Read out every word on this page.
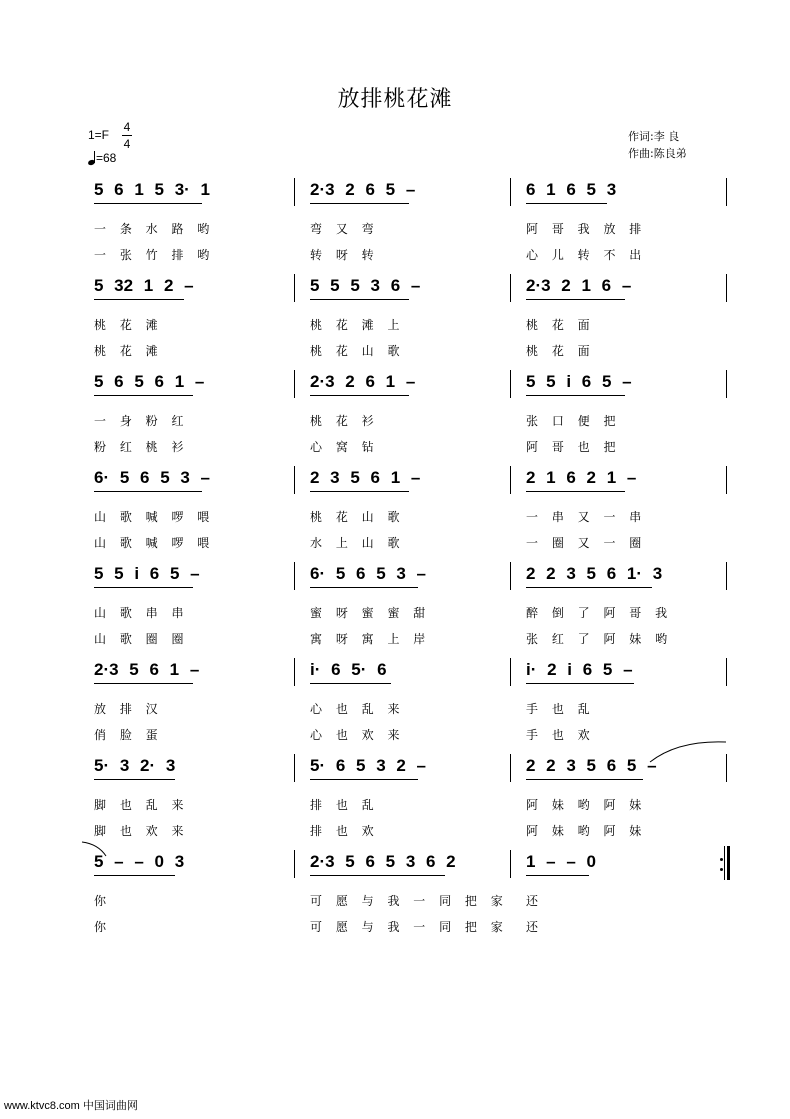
放排桃花滩
1=F
4
4
=68
作词:李 良
作曲:陈良弟
5 6 1 5 3· 1
一 条 水 路 哟
一 张 竹 排 哟
2·3 2 6 5 –
弯 又 弯
转 呀 转
6 1 6 5 3
阿 哥 我 放 排
心 儿 转 不 出
5 32 1 2 –
桃 花 滩
桃 花 滩
5 5 5 3 6 –
桃 花 滩 上
桃 花 山 歌
2·3 2 1 6 –
桃 花 面
桃 花 面
5 6 5 6 1 –
一 身 粉 红
粉 红 桃 衫
2·3 2 6 1 –
桃 花 衫
心 窝 钻
5 5 i 6 5 –
张 口 便 把
阿 哥 也 把
6· 5 6 5 3 –
山 歌 喊 啰 喂
山 歌 喊 啰 喂
2 3 5 6 1 –
桃 花 山 歌
水 上 山 歌
2 1 6 2 1 –
一 串 又 一 串
一 圈 又 一 圈
5 5 i 6 5 –
山 歌 串 串
山 歌 圈 圈
6· 5 6 5 3 –
蜜 呀 蜜 蜜 甜
寓 呀 寓 上 岸
2 2 3 5 6 1· 3
醉 倒 了 阿 哥 我
张 红 了 阿 妹 哟
2·3 5 6 1 –
放 排 汉
俏 脸 蛋
i· 6 5· 6
心 也 乱 来
心 也 欢 来
i· 2 i 6 5 –
手 也 乱
手 也 欢
5· 3 2· 3
脚 也 乱 来
脚 也 欢 来
5· 6 5 3 2 –
排 也 乱
排 也 欢
2 2 3 5 6 5 –
阿 妹 哟 阿 妹
阿 妹 哟 阿 妹
5 – – 0 3
你
你
2·3 5 6 5 3 6 2
可 愿 与 我 一 同 把 家
可 愿 与 我 一 同 把 家
1 – – 0
还
还
www.ktvc8.com 中国词曲网
